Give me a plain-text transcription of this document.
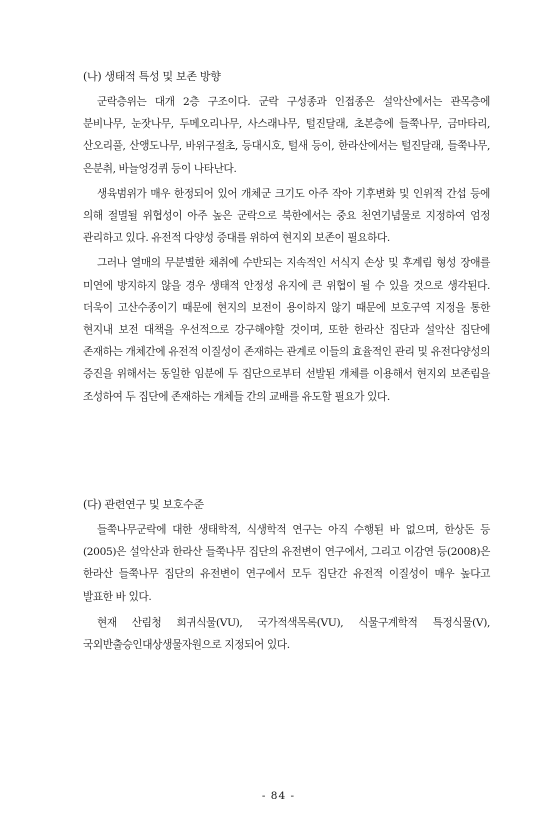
(나) 생태적 특성 및 보존 방향

군락층위는 대개 2층 구조이다. 군락 구성종과 인접종은 설악산에서는 관목층에 분비나무, 눈잣나무, 두메오리나무, 사스래나무, 털진달래, 초본층에 들쭉나무, 금마타리, 산오리풀, 산앵도나무, 바위구절초, 등대시호, 털새 등이, 한라산에서는 털진달래, 들쭉나무, 은분취, 바늘엉겅퀴 등이 나타난다.

생육범위가 매우 한정되어 있어 개체군 크기도 아주 작아 기후변화 및 인위적 간섭 등에 의해 절멸될 위협성이 아주 높은 군락으로 북한에서는 중요 천연기념물로 지정하여 엄정 관리하고 있다. 유전적 다양성 증대를 위하여 현지외 보존이 필요하다.

그러나 열매의 무분별한 채취에 수반되는 지속적인 서식지 손상 및 후계림 형성 장애를 미연에 방지하지 않을 경우 생태적 안정성 유지에 큰 위협이 될 수 있을 것으로 생각된다. 더욱이 고산수종이기 때문에 현지의 보전이 용이하지 않기 때문에 보호구역 지정을 통한 현지내 보전 대책을 우선적으로 강구해야할 것이며, 또한 한라산 집단과 설악산 집단에 존재하는 개체간에 유전적 이질성이 존재하는 관계로 이들의 효율적인 관리 및 유전다양성의 증진을 위해서는 동일한 임분에 두 집단으로부터 선발된 개체를 이용해서 현지외 보존림을 조성하여 두 집단에 존재하는 개체들 간의 교배를 유도할 필요가 있다.

(다) 관련연구 및 보호수준

들쭉나무군락에 대한 생태학적, 식생학적 연구는 아직 수행된 바 없으며, 한상돈 등(2005)은 설악산과 한라산 들쭉나무 집단의 유전변이 연구에서, 그리고 이감연 등(2008)은 한라산 들쭉나무 집단의 유전변이 연구에서 모두 집단간 유전적 이질성이 매우 높다고 발표한 바 있다.

현재 산림청 희귀식물(VU), 국가적색목록(VU), 식물구계학적 특정식물(V), 국외반출승인대상생물자원으로 지정되어 있다.

- 84 -
